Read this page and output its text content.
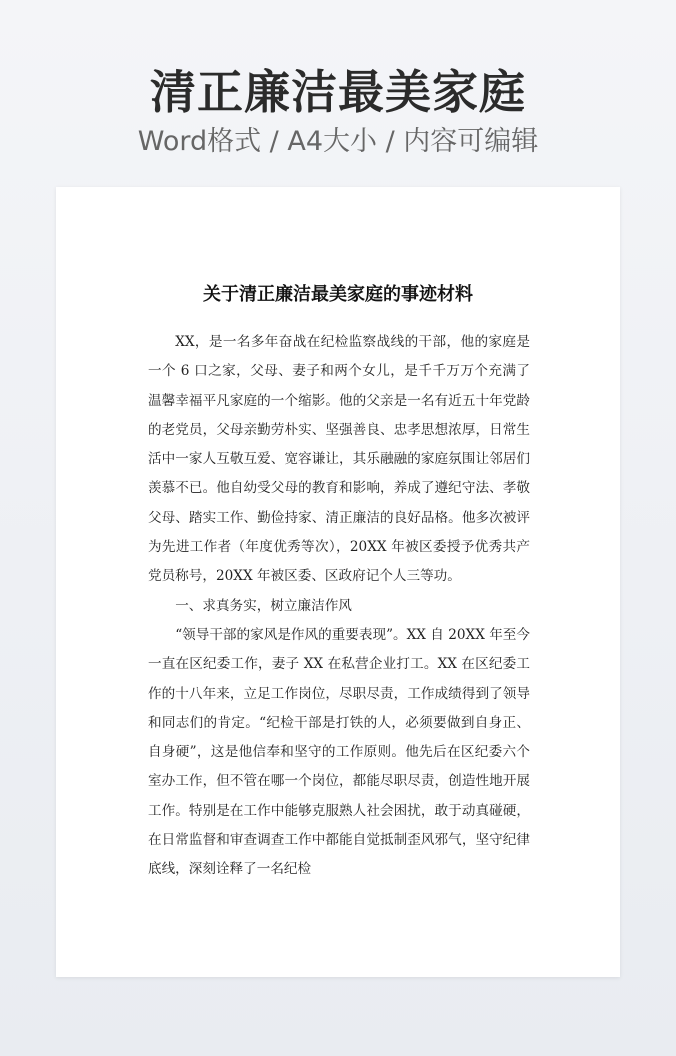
清正廉洁最美家庭
Word格式 / A4大小 / 内容可编辑
关于清正廉洁最美家庭的事迹材料

XX，是一名多年奋战在纪检监察战线的干部，他的家庭是一个 6 口之家，父母、妻子和两个女儿，是千千万万个充满了温馨幸福平凡家庭的一个缩影。他的父亲是一名有近五十年党龄的老党员，父母亲勤劳朴实、坚强善良、忠孝思想浓厚，日常生活中一家人互敬互爱、宽容谦让，其乐融融的家庭氛围让邻居们羡慕不已。他自幼受父母的教育和影响，养成了遵纪守法、孝敬父母、踏实工作、勤俭持家、清正廉洁的良好品格。他多次被评为先进工作者（年度优秀等次），20XX 年被区委授予优秀共产党员称号，20XX 年被区委、区政府记个人三等功。

一、求真务实，树立廉洁作风

“领导干部的家风是作风的重要表现”。XX 自 20XX 年至今一直在区纪委工作，妻子 XX 在私营企业打工。XX 在区纪委工作的十八年来，立足工作岗位，尽职尽责，工作成绩得到了领导和同志们的肯定。“纪检干部是打铁的人，必须要做到自身正、自身硬”，这是他信奉和坚守的工作原则。他先后在区纪委六个室办工作，但不管在哪一个岗位，都能尽职尽责，创造性地开展工作。特别是在工作中能够克服熟人社会困扰，敢于动真碰硬，在日常监督和审查调查工作中都能自觉抵制歪风邪气，坚守纪律底线，深刻诠释了一名纪检
